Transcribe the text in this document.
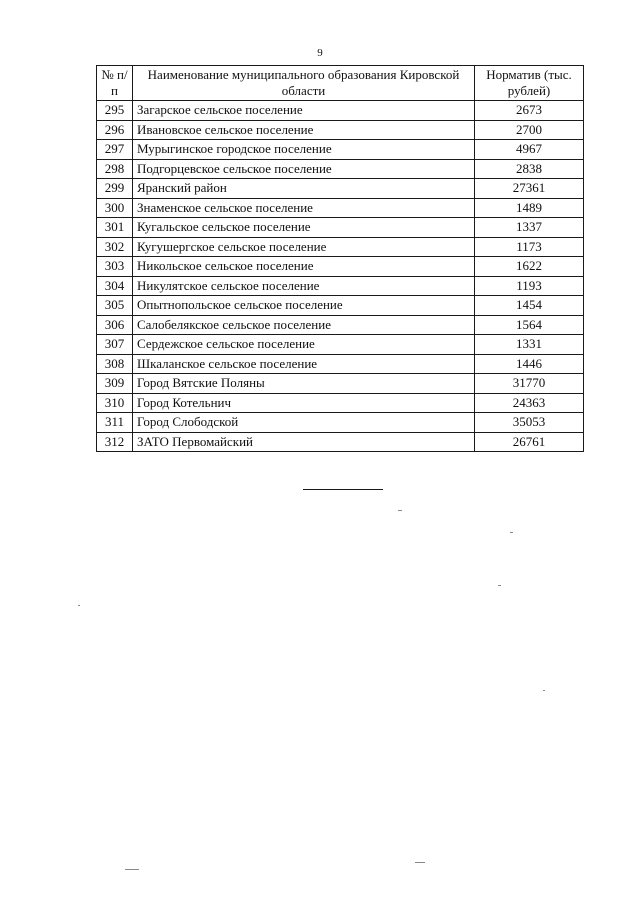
9
№ п/п	Наименование муниципального образования Кировской области	Норматив (тыс. рублей)
295	Загарское сельское поселение	2673
296	Ивановское сельское поселение	2700
297	Мурыгинское городское поселение	4967
298	Подгорцевское сельское поселение	2838
299	Яранский район	27361
300	Знаменское сельское поселение	1489
301	Кугальское сельское поселение	1337
302	Кугушергское сельское поселение	1173
303	Никольское сельское поселение	1622
304	Никулятское сельское поселение	1193
305	Опытнопольское сельское поселение	1454
306	Салобелякское сельское поселение	1564
307	Сердежское сельское поселение	1331
308	Шкаланское сельское поселение	1446
309	Город Вятские Поляны	31770
310	Город Котельнич	24363
311	Город Слободской	35053
312	ЗАТО Первомайский	26761
